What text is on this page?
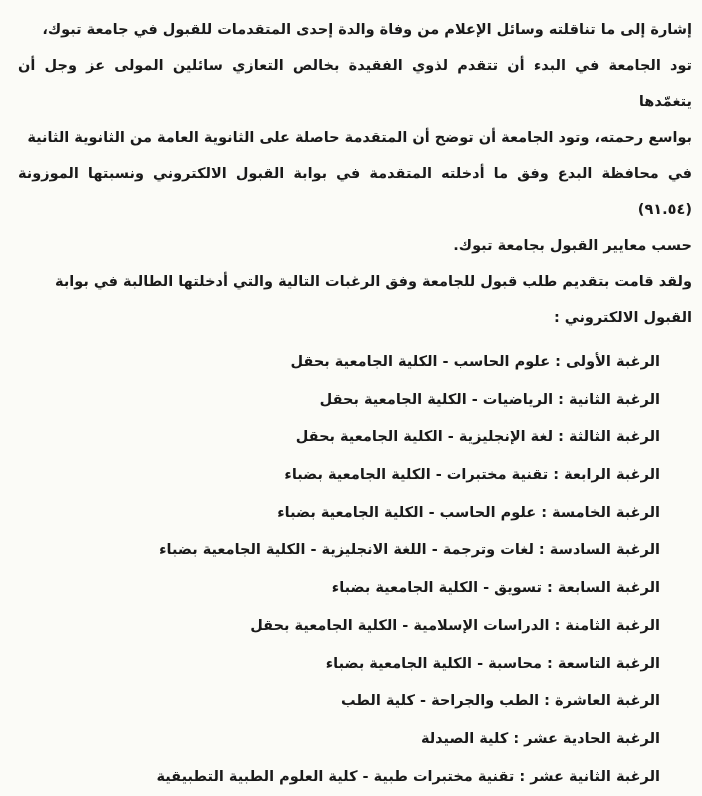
إشارة إلى ما تناقلته وسائل الإعلام من وفاة والدة إحدى المتقدمات للقبول في جامعة تبوك،

تود الجامعة في البدء أن تتقدم لذوي الفقيدة بخالص التعازي سائلين المولى عز وجل أن يتغمّدها

بواسع رحمته، وتود الجامعة أن توضح أن المتقدمة حاصلة على الثانوية العامة من الثانوية الثانية

في محافظة البدع وفق ما أدخلته المتقدمة في بوابة القبول الالكتروني ونسبتها الموزونة (٩١.٥٤)

حسب معايير القبول بجامعة تبوك.

ولقد قامت بتقديم طلب قبول للجامعة وفق الرغبات التالية والتي أدخلتها الطالبة في بوابة

القبول الالكتروني :

الرغبة الأولى : علوم الحاسب - الكلية الجامعية بحقل
الرغبة الثانية : الرياضيات - الكلية الجامعية بحقل
الرغبة الثالثة : لغة الإنجليزية - الكلية الجامعية بحقل
الرغبة الرابعة : تقنية مختبرات - الكلية الجامعية بضباء
الرغبة الخامسة : علوم الحاسب - الكلية الجامعية بضباء
الرغبة السادسة : لغات وترجمة - اللغة الانجليزية - الكلية الجامعية بضباء
الرغبة السابعة : تسويق - الكلية الجامعية بضباء
الرغبة الثامنة : الدراسات الإسلامية - الكلية الجامعية بحقل
الرغبة التاسعة : محاسبة - الكلية الجامعية بضباء
الرغبة العاشرة : الطب والجراحة - كلية الطب
الرغبة الحادية عشر : كلية الصيدلة
الرغبة الثانية عشر : تقنية مختبرات طبية - كلية العلوم الطبية التطبيقية
